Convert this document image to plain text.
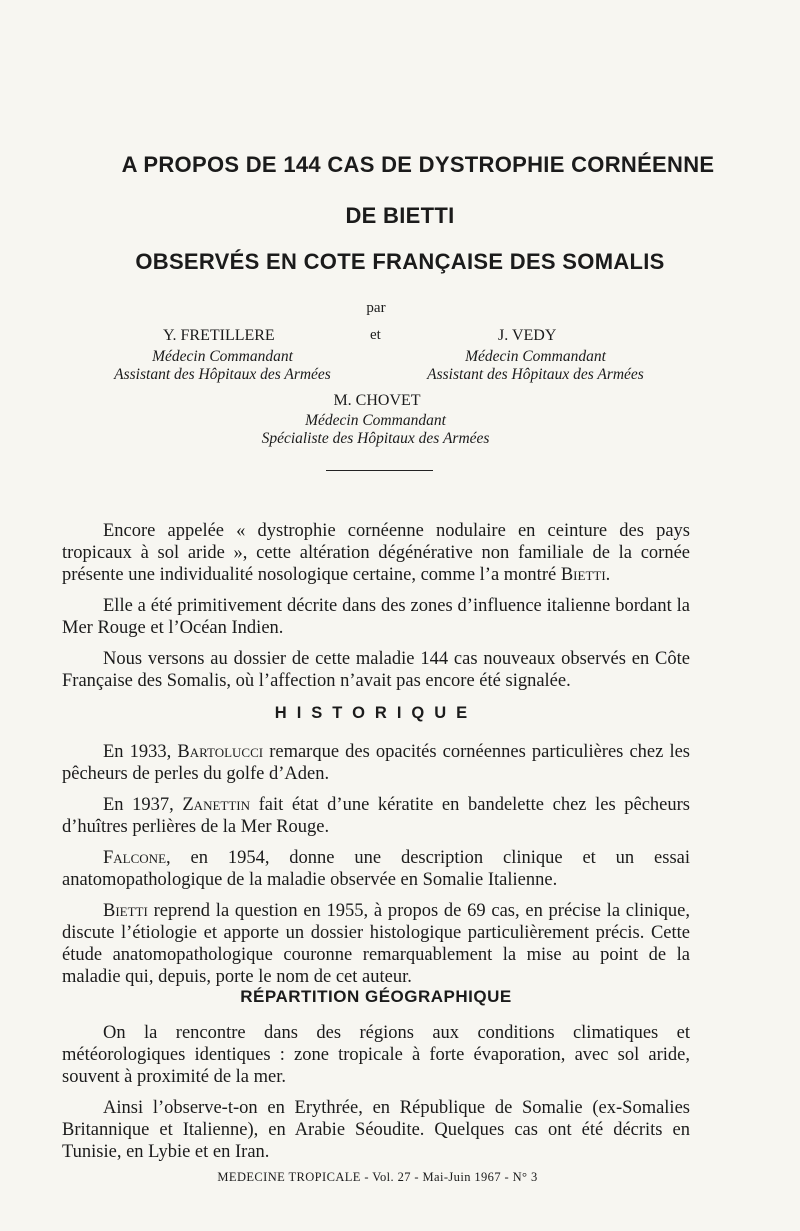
A PROPOS DE 144 CAS DE DYSTROPHIE CORNÉENNE
DE BIETTI
OBSERVÉS EN COTE FRANÇAISE DES SOMALIS
par
Y. FRETILLERE	et	J. VEDY
Médecin Commandant
Assistant des Hôpitaux des Armées
Médecin Commandant
Assistant des Hôpitaux des Armées
M. CHOVET
Médecin Commandant
Spécialiste des Hôpitaux des Armées

Encore appelée « dystrophie cornéenne nodulaire en ceinture des pays tropicaux à sol aride », cette altération dégénérative non familiale de la cornée présente une individualité nosologique certaine, comme l’a montré Bietti.

Elle a été primitivement décrite dans des zones d’influence italienne bordant la Mer Rouge et l’Océan Indien.

Nous versons au dossier de cette maladie 144 cas nouveaux observés en Côte Française des Somalis, où l’affection n’avait pas encore été signalée.

HISTORIQUE

En 1933, Bartolucci remarque des opacités cornéennes particulières chez les pêcheurs de perles du golfe d’Aden.

En 1937, Zanettin fait état d’une kératite en bandelette chez les pêcheurs d’huîtres perlières de la Mer Rouge.

Falcone, en 1954, donne une description clinique et un essai anatomopathologique de la maladie observée en Somalie Italienne.

Bietti reprend la question en 1955, à propos de 69 cas, en précise la clinique, discute l’étiologie et apporte un dossier histologique particulièrement précis. Cette étude anatomopathologique couronne remarquablement la mise au point de la maladie qui, depuis, porte le nom de cet auteur.

RÉPARTITION GÉOGRAPHIQUE

On la rencontre dans des régions aux conditions climatiques et météorologiques identiques : zone tropicale à forte évaporation, avec sol aride, souvent à proximité de la mer.

Ainsi l’observe-t-on en Erythrée, en République de Somalie (ex-Somalies Britannique et Italienne), en Arabie Séoudite. Quelques cas ont été décrits en Tunisie, en Lybie et en Iran.

MEDECINE TROPICALE - Vol. 27 - Mai-Juin 1967 - N° 3
